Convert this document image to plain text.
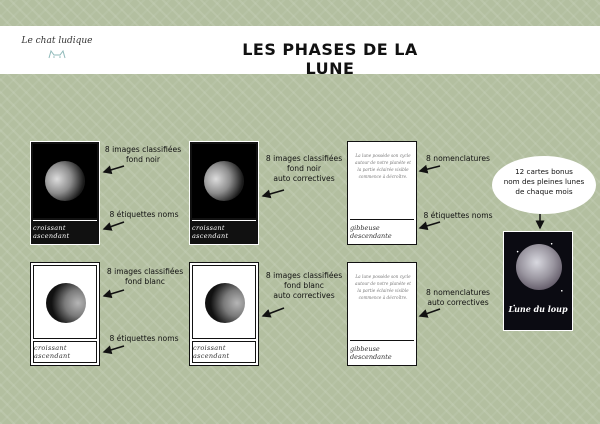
Le chat ludique	LES PHASES DE LA LUNE
croissant ascendant
croissant ascendant
La lune possède son cycle autour de notre planète et la partie éclairée visible commence à décroître.
gibbeuse descendante
croissant ascendant
croissant ascendant
La lune possède son cycle autour de notre planète et la partie éclairée visible commence à décroître.
gibbeuse descendante
8 images classifiées
fond noir
8 étiquettes noms
8 images classifiées
fond noir
auto correctives
8 nomenclatures
8 étiquettes noms
8 images classifiées
fond blanc
8 étiquettes noms
8 images classifiées
fond blanc
auto correctives	8 nomenclatures
auto correctives
12 cartes bonus
nom des pleines lunes
de chaque mois
Lune du loup
